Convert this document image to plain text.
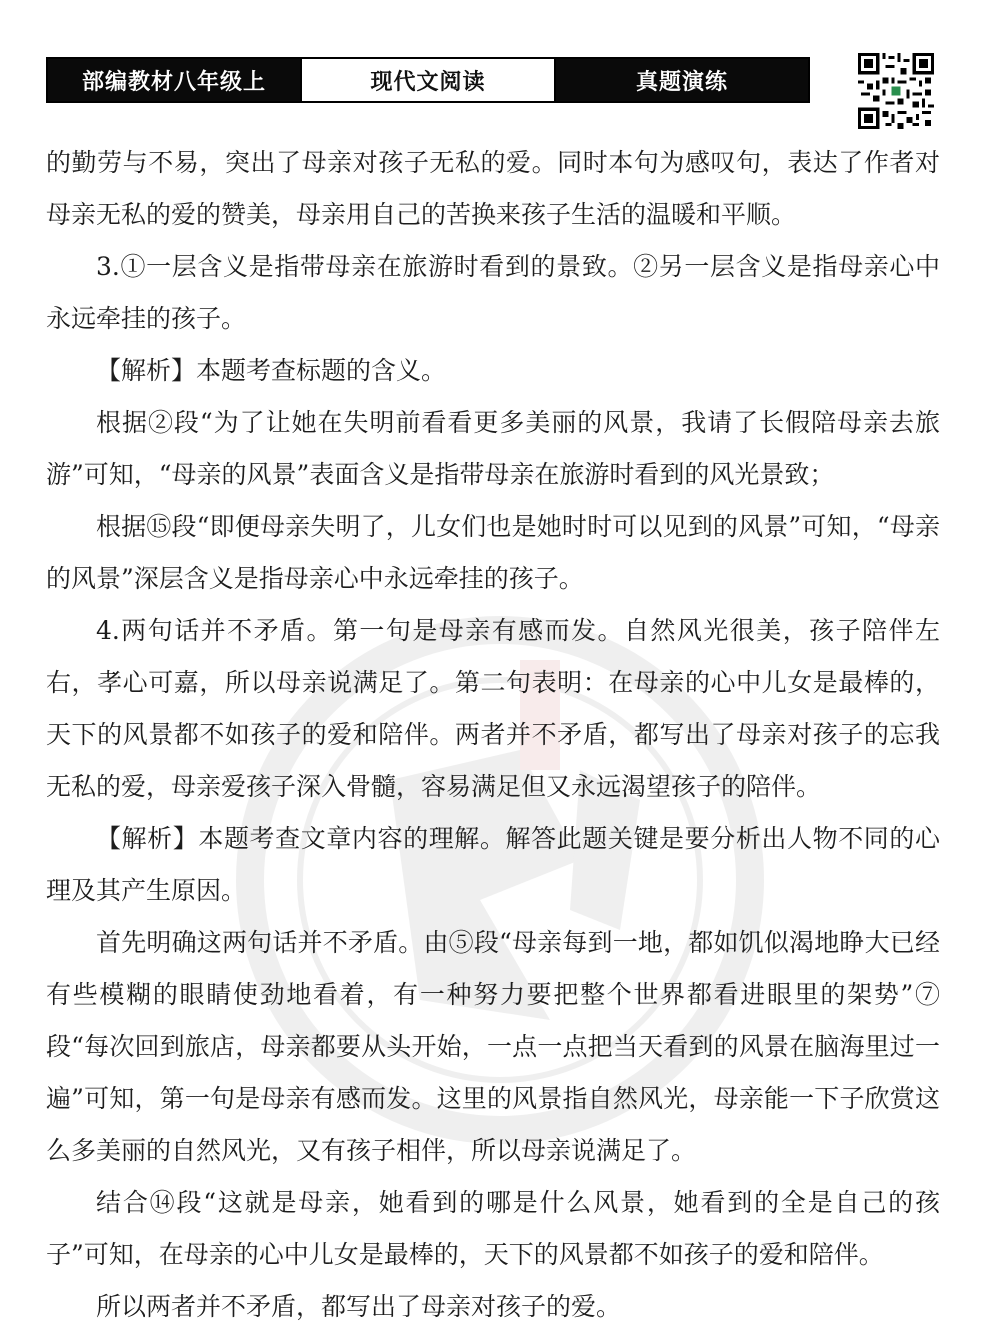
部编教材八年级上	现代文阅读	真题演练

的勤劳与不易，突出了母亲对孩子无私的爱。同时本句为感叹句，表达了作者对母亲无私的爱的赞美，母亲用自己的苦换来孩子生活的温暖和平顺。

3.①一层含义是指带母亲在旅游时看到的景致。②另一层含义是指母亲心中永远牵挂的孩子。

【解析】本题考查标题的含义。

根据②段“为了让她在失明前看看更多美丽的风景，我请了长假陪母亲去旅游”可知，“母亲的风景”表面含义是指带母亲在旅游时看到的风光景致；

根据⑮段“即便母亲失明了，儿女们也是她时时可以见到的风景”可知，“母亲的风景”深层含义是指母亲心中永远牵挂的孩子。

4.两句话并不矛盾。第一句是母亲有感而发。自然风光很美，孩子陪伴左右，孝心可嘉，所以母亲说满足了。第二句表明：在母亲的心中儿女是最棒的，天下的风景都不如孩子的爱和陪伴。两者并不矛盾，都写出了母亲对孩子的忘我无私的爱，母亲爱孩子深入骨髓，容易满足但又永远渴望孩子的陪伴。

【解析】本题考查文章内容的理解。解答此题关键是要分析出人物不同的心理及其产生原因。

首先明确这两句话并不矛盾。由⑤段“母亲每到一地，都如饥似渴地睁大已经有些模糊的眼睛使劲地看着，有一种努力要把整个世界都看进眼里的架势”⑦段“每次回到旅店，母亲都要从头开始，一点一点把当天看到的风景在脑海里过一遍”可知，第一句是母亲有感而发。这里的风景指自然风光，母亲能一下子欣赏这么多美丽的自然风光，又有孩子相伴，所以母亲说满足了。

结合⑭段“这就是母亲，她看到的哪是什么风景，她看到的全是自己的孩子”可知，在母亲的心中儿女是最棒的，天下的风景都不如孩子的爱和陪伴。

所以两者并不矛盾，都写出了母亲对孩子的爱。
